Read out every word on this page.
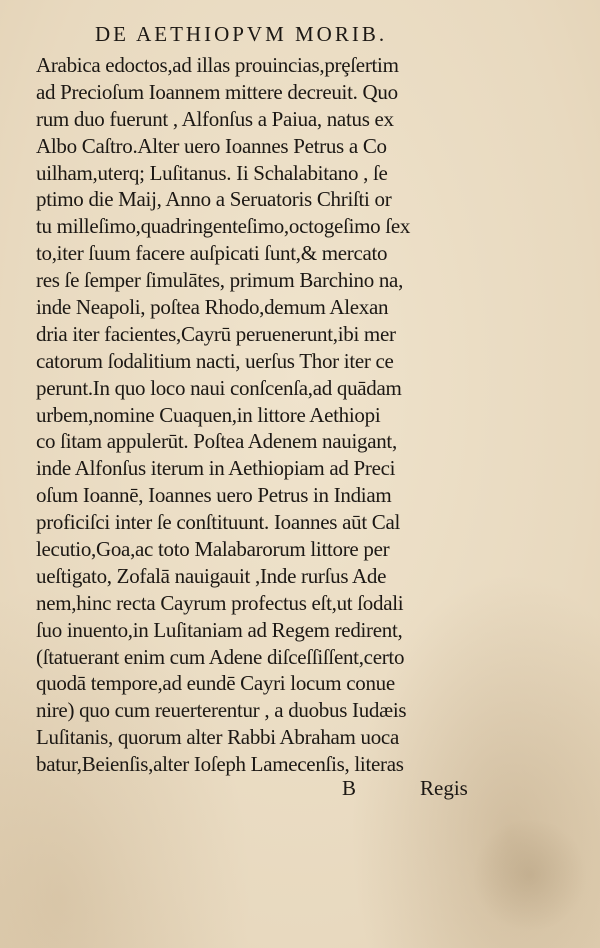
DE AETHIOPVM MORIB.
Arabica edoctos,ad illas prouincias,prȩſertim
ad Precioſum Ioannem mittere decreuit. Quo
rum duo fuerunt , Alfonſus a Paiua, natus ex
Albo Caſtro.Alter uero Ioannes Petrus a Co
uilham,uterq; Luſitanus. Ii Schalabitano , ſe
ptimo die Maij, Anno a Seruatoris Chriſti or
tu milleſimo,quadringenteſimo,octogeſimo ſex
to,iter ſuum facere auſpicati ſunt,& mercato
res ſe ſemper ſimulātes, primum Barchino na,
inde Neapoli, poſtea Rhodo,demum Alexan
dria iter facientes,Cayrū peruenerunt,ibi mer
catorum ſodalitium nacti, uerſus Thor iter ce
perunt.In quo loco naui conſcenſa,ad quādam
urbem,nomine Cuaquen,in littore Aethiopi
co ſitam appulerūt. Poſtea Adenem nauigant,
inde Alfonſus iterum in Aethiopiam ad Preci
oſum Ioannē, Ioannes uero Petrus in Indiam
proficiſci inter ſe conſtituunt. Ioannes aūt Cal
lecutio,Goa,ac toto Malabarorum littore per
ueſtigato, Zofalā nauigauit ,Inde rurſus Ade
nem,hinc recta Cayrum profectus eſt,ut ſodali
ſuo inuento,in Luſitaniam ad Regem redirent,
(ſtatuerant enim cum Adene diſceſſiſſent,certo
quodā tempore,ad eundē Cayri locum conue
nire) quo cum reuerterentur , a duobus Iudæis
Luſitanis, quorum alter Rabbi Abraham uoca
batur,Beienſis,alter Ioſeph Lamecenſis, literas
B	Regis
